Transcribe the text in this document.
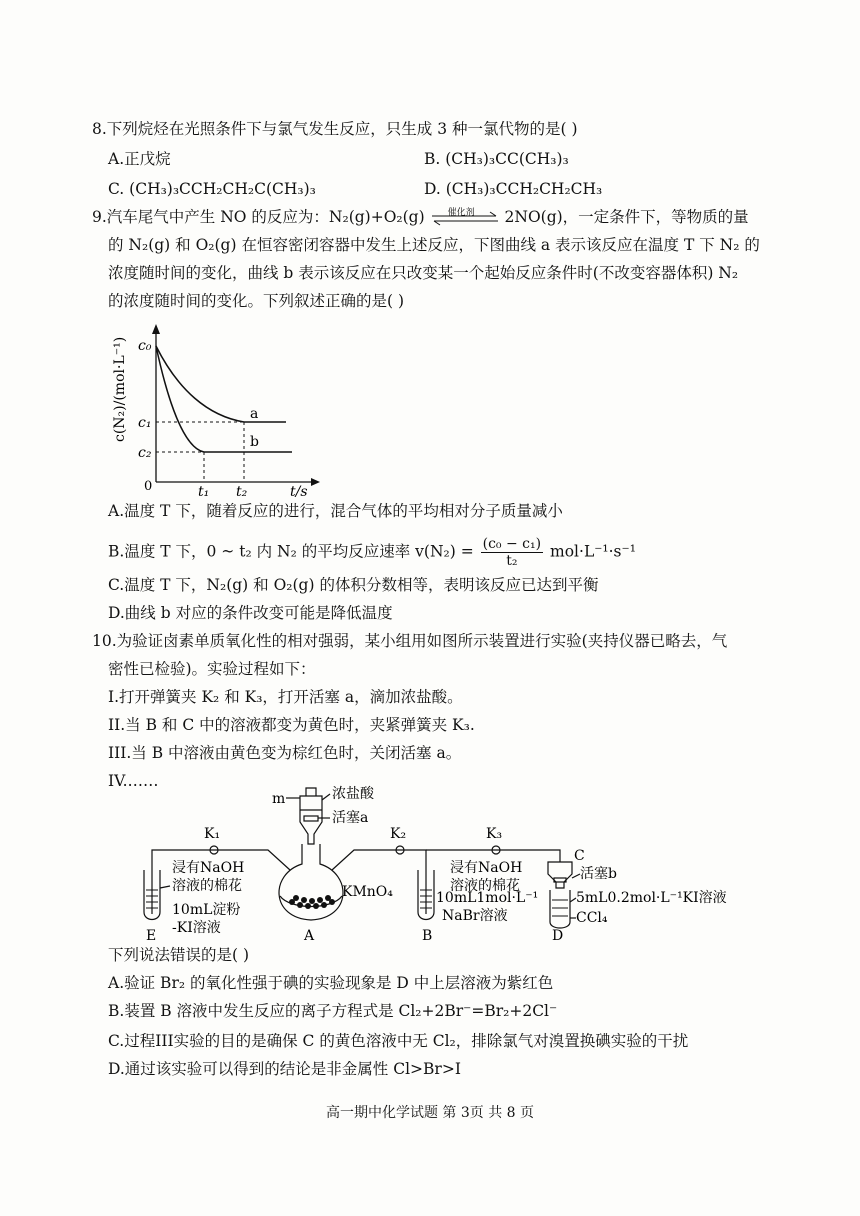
8.下列烷烃在光照条件下与氯气发生反应，只生成 3 种一氯代物的是( )
A.正戊烷	B. (CH₃)₃CC(CH₃)₃
C. (CH₃)₃CCH₂CH₂C(CH₃)₃	D. (CH₃)₃CCH₂CH₂CH₃
9.汽车尾气中产生 NO 的反应为：N₂(g)+O₂(g)	催化剂 2NO(g)，一定条件下，等物质的量
的 N₂(g) 和 O₂(g) 在恒容密闭容器中发生上述反应，下图曲线 a 表示该反应在温度 T 下 N₂ 的
浓度随时间的变化，曲线 b 表示该反应在只改变某一个起始反应条件时(不改变容器体积) N₂
的浓度随时间的变化。下列叙述正确的是( )
c(N₂)/(mol·L⁻¹) c₀
c₁
c₂
0	t₁ t₂	t/s
a
b
A.温度 T 下，随着反应的进行，混合气体的平均相对分子质量减小
B.温度 T 下，0 ~ t₂ 内 N₂ 的平均反应速率 $v(N_2) = \frac{\text{(c₀ − c₁)}}{\text{t₂}} mol\cdot L^{-1}\cdot s^{-1}$
C.温度 T 下，N₂(g) 和 O₂(g) 的体积分数相等，表明该反应已达到平衡
D.曲线 b 对应的条件改变可能是降低温度
10.为验证卤素单质氧化性的相对强弱，某小组用如图所示装置进行实验(夹持仪器已略去，气
密性已检验)。实验过程如下：
I.打开弹簧夹 K₂ 和 K₃，打开活塞 a，滴加浓盐酸。
II.当 B 和 C 中的溶液都变为黄色时，夹紧弹簧夹 K₃.
III.当 B 中溶液由黄色变为棕红色时，关闭活塞 a。
IV.……
m	浓盐酸
活塞a
K₁	K₂	K₃
浸有NaOH
溶液的棉花
浸有NaOH
溶液的棉花
KMnO₄
10mL淀粉
-KI溶液
10mL1mol·L⁻¹
NaBr溶液
C
活塞b
5mL0.2mol·L⁻¹KI溶液
CCl₄
E	A	B	D
下列说法错误的是( )
A.验证 Br₂ 的氧化性强于碘的实验现象是 D 中上层溶液为紫红色
B.装置 B 溶液中发生反应的离子方程式是 Cl₂+2Br⁻=Br₂+2Cl⁻
C.过程III实验的目的是确保 C 的黄色溶液中无 Cl₂，排除氯气对溴置换碘实验的干扰
D.通过该实验可以得到的结论是非金属性 Cl>Br>I
高一期中化学试题 第 3页 共 8 页
